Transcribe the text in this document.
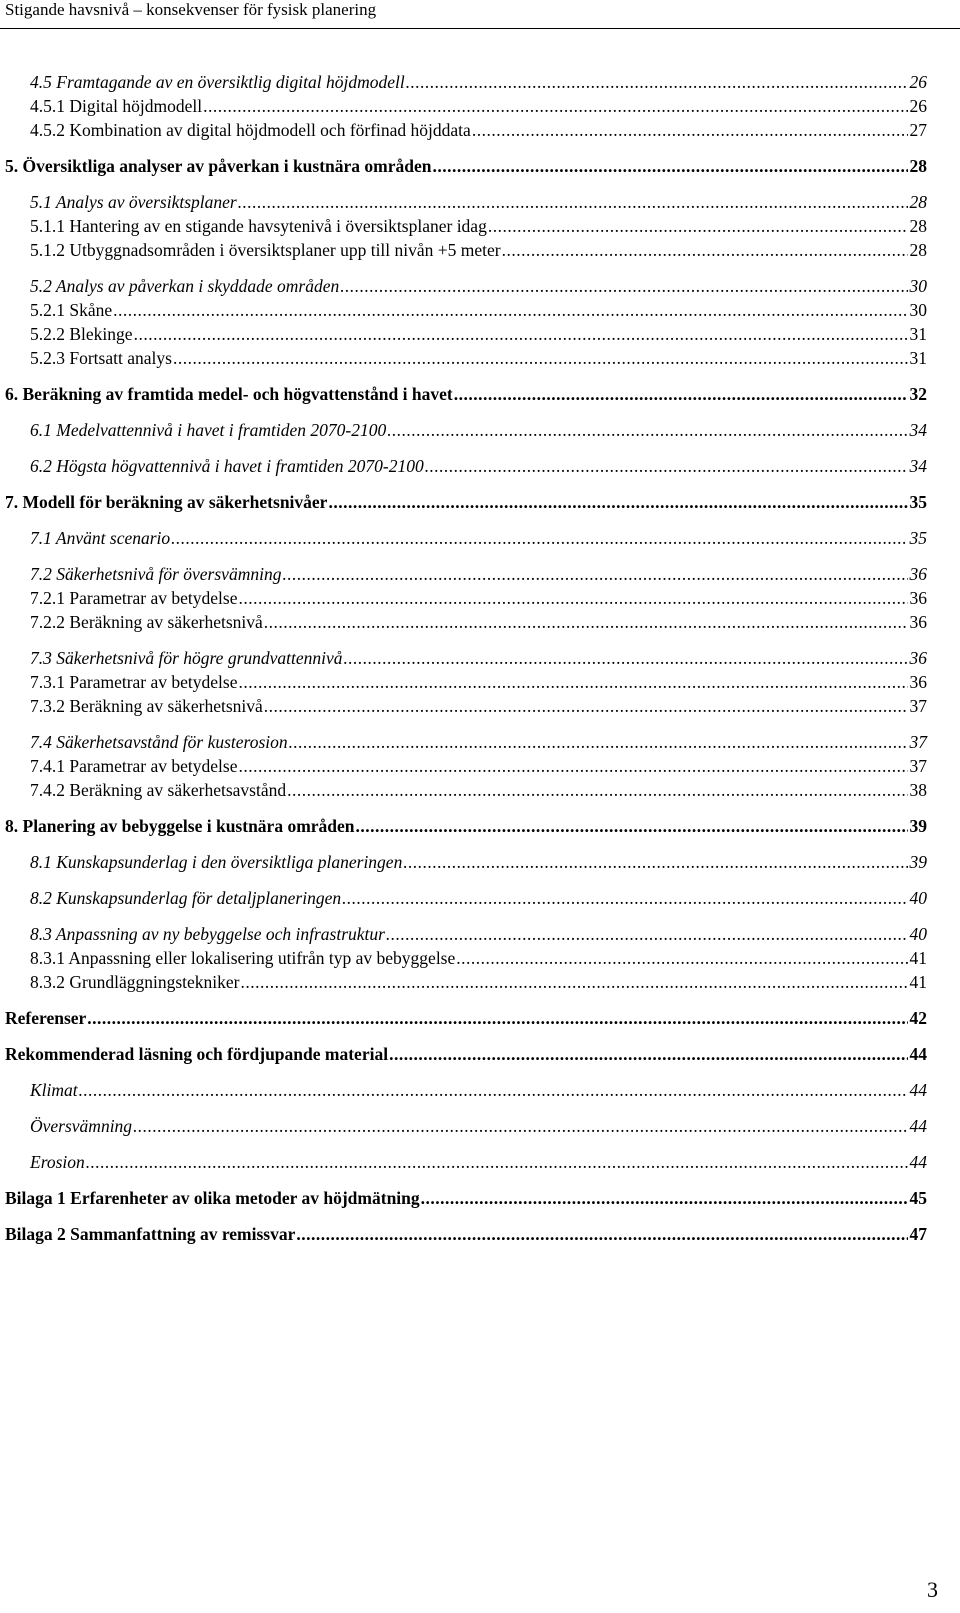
Stigande havsnivå – konsekvenser för fysisk planering
4.5 Framtagande av en översiktlig digital höjdmodell .....	26
4.5.1 Digital höjdmodell .....	26
4.5.2 Kombination av digital höjdmodell och förfinad höjddata .....	27
5. Översiktliga analyser av påverkan i kustnära områden .....	28
5.1 Analys av översiktsplaner .....	28
5.1.1 Hantering av en stigande havsytenivå i översiktsplaner idag .....	28
5.1.2 Utbyggnadsområden i översiktsplaner upp till nivån +5 meter .....	28
5.2 Analys av påverkan i skyddade områden .....	30
5.2.1 Skåne .....	30
5.2.2 Blekinge .....	31
5.2.3 Fortsatt analys .....	31
6. Beräkning av framtida medel- och högvattenstånd i havet .....	32
6.1 Medelvattennivå i havet i framtiden 2070-2100 .....	34
6.2 Högsta högvattennivå i havet i framtiden 2070-2100 .....	34
7. Modell för beräkning av säkerhetsnivåer .....	35
7.1 Använt scenario .....	35
7.2 Säkerhetsnivå för översvämning .....	36
7.2.1 Parametrar av betydelse .....	36
7.2.2 Beräkning av säkerhetsnivå .....	36
7.3 Säkerhetsnivå för högre grundvattennivå .....	36
7.3.1 Parametrar av betydelse .....	36
7.3.2 Beräkning av säkerhetsnivå .....	37
7.4 Säkerhetsavstånd för kusterosion .....	37
7.4.1 Parametrar av betydelse .....	37
7.4.2 Beräkning av säkerhetsavstånd .....	38
8. Planering av bebyggelse i kustnära områden .....	39
8.1 Kunskapsunderlag i den översiktliga planeringen .....	39
8.2 Kunskapsunderlag för detaljplaneringen .....	40
8.3 Anpassning av ny bebyggelse och infrastruktur .....	40
8.3.1 Anpassning eller lokalisering utifrån typ av bebyggelse .....	41
8.3.2 Grundläggningstekniker .....	41
Referenser .....	42
Rekommenderad läsning och fördjupande material .....	44
Klimat .....	44
Översvämning .....	44
Erosion .....	44
Bilaga 1 Erfarenheter av olika metoder av höjdmätning .....	45
Bilaga 2 Sammanfattning av remissvar .....	47
3
